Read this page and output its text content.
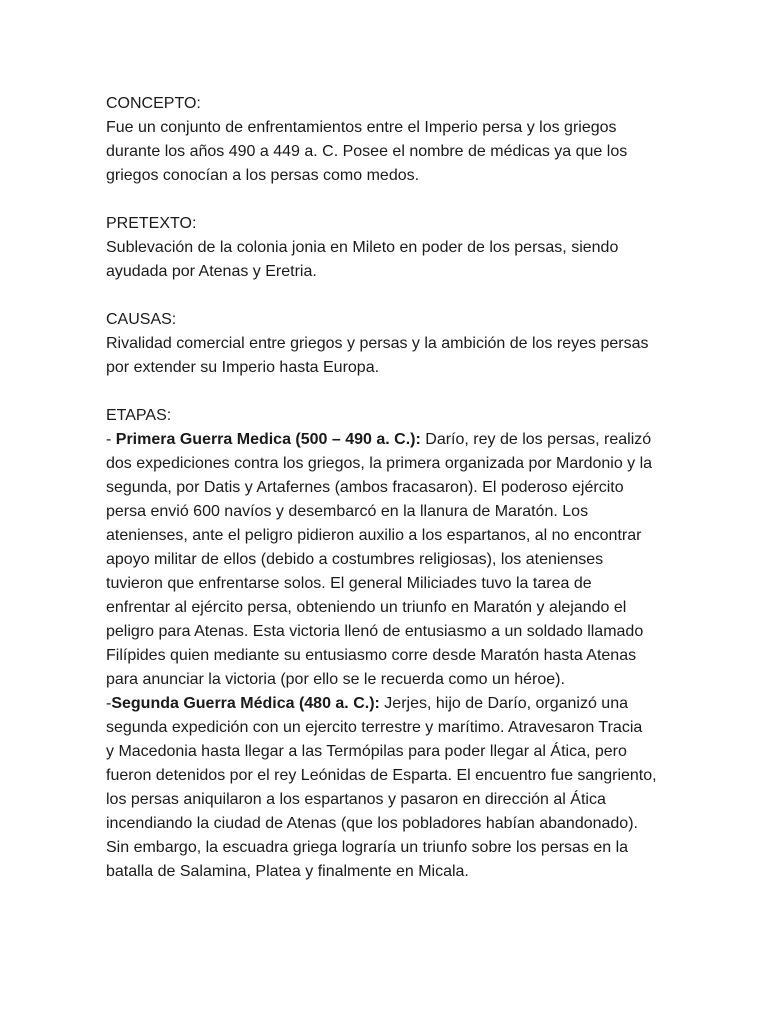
CONCEPTO:
Fue un conjunto de enfrentamientos entre el Imperio persa y los griegos
durante los años 490 a 449 a. C. Posee el nombre de médicas ya que los
griegos conocían a los persas como medos.
PRETEXTO:
Sublevación de la colonia jonia en Mileto en poder de los persas, siendo
ayudada por Atenas y Eretria.
CAUSAS:
Rivalidad comercial entre griegos y persas y la ambición de los reyes persas
por extender su Imperio hasta Europa.
ETAPAS:
- Primera Guerra Medica (500 – 490 a. C.): Darío, rey de los persas, realizó
dos expediciones contra los griegos, la primera organizada por Mardonio y la
segunda, por Datis y Artafernes (ambos fracasaron). El poderoso ejército
persa envió 600 navíos y desembarcó en la llanura de Maratón. Los
atenienses, ante el peligro pidieron auxilio a los espartanos, al no encontrar
apoyo militar de ellos (debido a costumbres religiosas), los atenienses
tuvieron que enfrentarse solos. El general Miliciades tuvo la tarea de
enfrentar al ejército persa, obteniendo un triunfo en Maratón y alejando el
peligro para Atenas. Esta victoria llenó de entusiasmo a un soldado llamado
Filípides quien mediante su entusiasmo corre desde Maratón hasta Atenas
para anunciar la victoria (por ello se le recuerda como un héroe).
-Segunda Guerra Médica (480 a. C.): Jerjes, hijo de Darío, organizó una
segunda expedición con un ejercito terrestre y marítimo. Atravesaron Tracia
y Macedonia hasta llegar a las Termópilas para poder llegar al Ática, pero
fueron detenidos por el rey Leónidas de Esparta. El encuentro fue sangriento,
los persas aniquilaron a los espartanos y pasaron en dirección al Ática
incendiando la ciudad de Atenas (que los pobladores habían abandonado).
Sin embargo, la escuadra griega lograría un triunfo sobre los persas en la
batalla de Salamina, Platea y finalmente en Micala.
